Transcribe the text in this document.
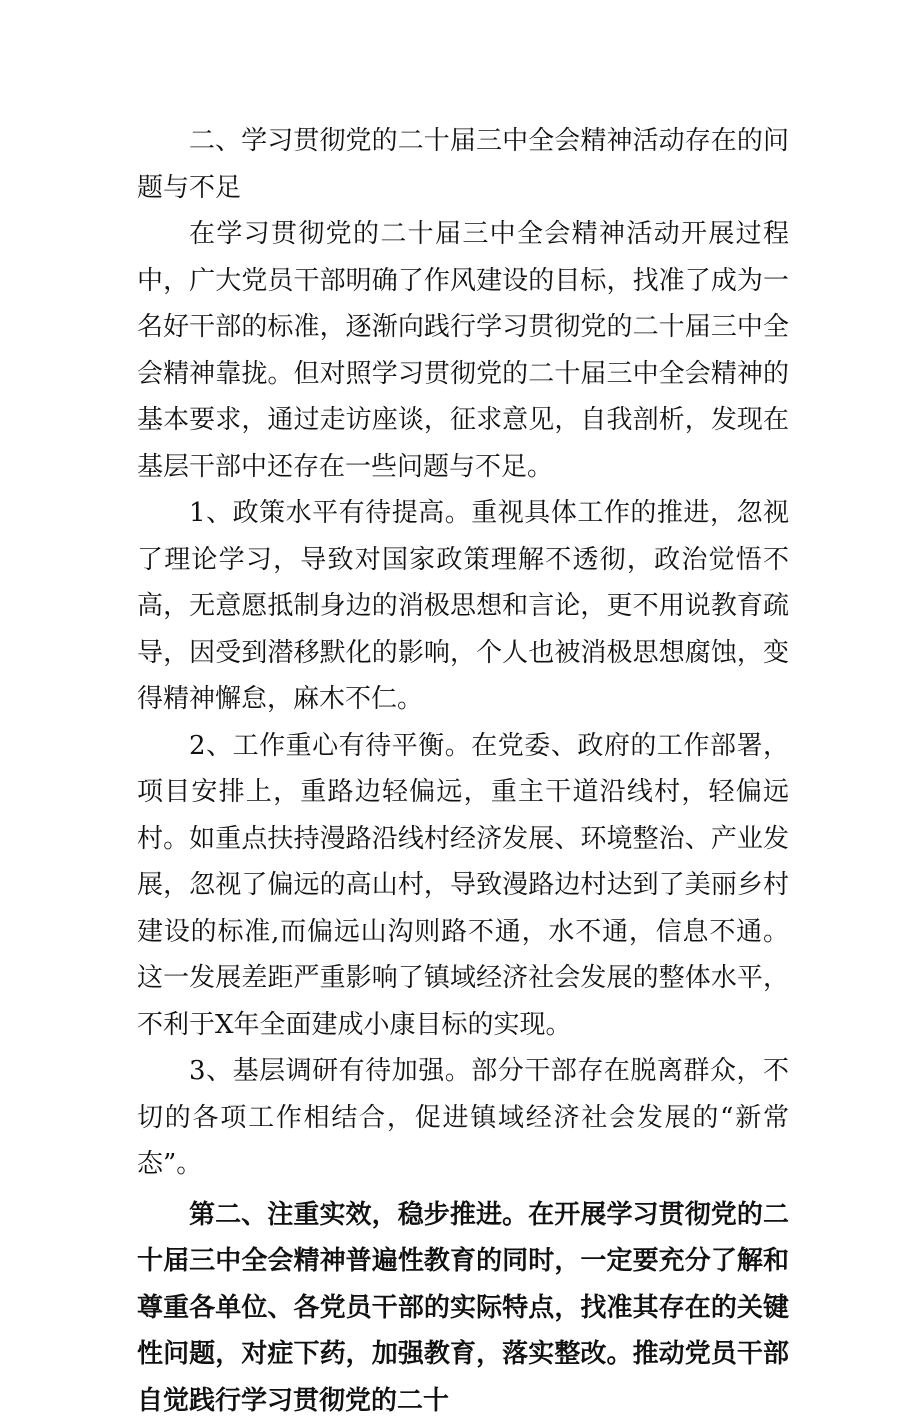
二、学习贯彻党的二十届三中全会精神活动存在的问题与不足

在学习贯彻党的二十届三中全会精神活动开展过程中，广大党员干部明确了作风建设的目标，找准了成为一名好干部的标准，逐渐向践行学习贯彻党的二十届三中全会精神靠拢。但对照学习贯彻党的二十届三中全会精神的基本要求，通过走访座谈，征求意见，自我剖析，发现在基层干部中还存在一些问题与不足。

1、政策水平有待提高。重视具体工作的推进，忽视了理论学习，导致对国家政策理解不透彻，政治觉悟不高，无意愿抵制身边的消极思想和言论，更不用说教育疏导，因受到潜移默化的影响，个人也被消极思想腐蚀，变得精神懈怠，麻木不仁。

2、工作重心有待平衡。在党委、政府的工作部署，项目安排上，重路边轻偏远，重主干道沿线村，轻偏远村。如重点扶持漫路沿线村经济发展、环境整治、产业发展，忽视了偏远的高山村，导致漫路边村达到了美丽乡村建设的标准,而偏远山沟则路不通，水不通，信息不通。这一发展差距严重影响了镇域经济社会发展的整体水平，不利于X年全面建成小康目标的实现。

3、基层调研有待加强。部分干部存在脱离群众，不切的各项工作相结合，促进镇域经济社会发展的“新常态”。

第二、注重实效，稳步推进。在开展学习贯彻党的二十届三中全会精神普遍性教育的同时，一定要充分了解和尊重各单位、各党员干部的实际特点，找准其存在的关键性问题，对症下药，加强教育，落实整改。推动党员干部自觉践行学习贯彻党的二十
